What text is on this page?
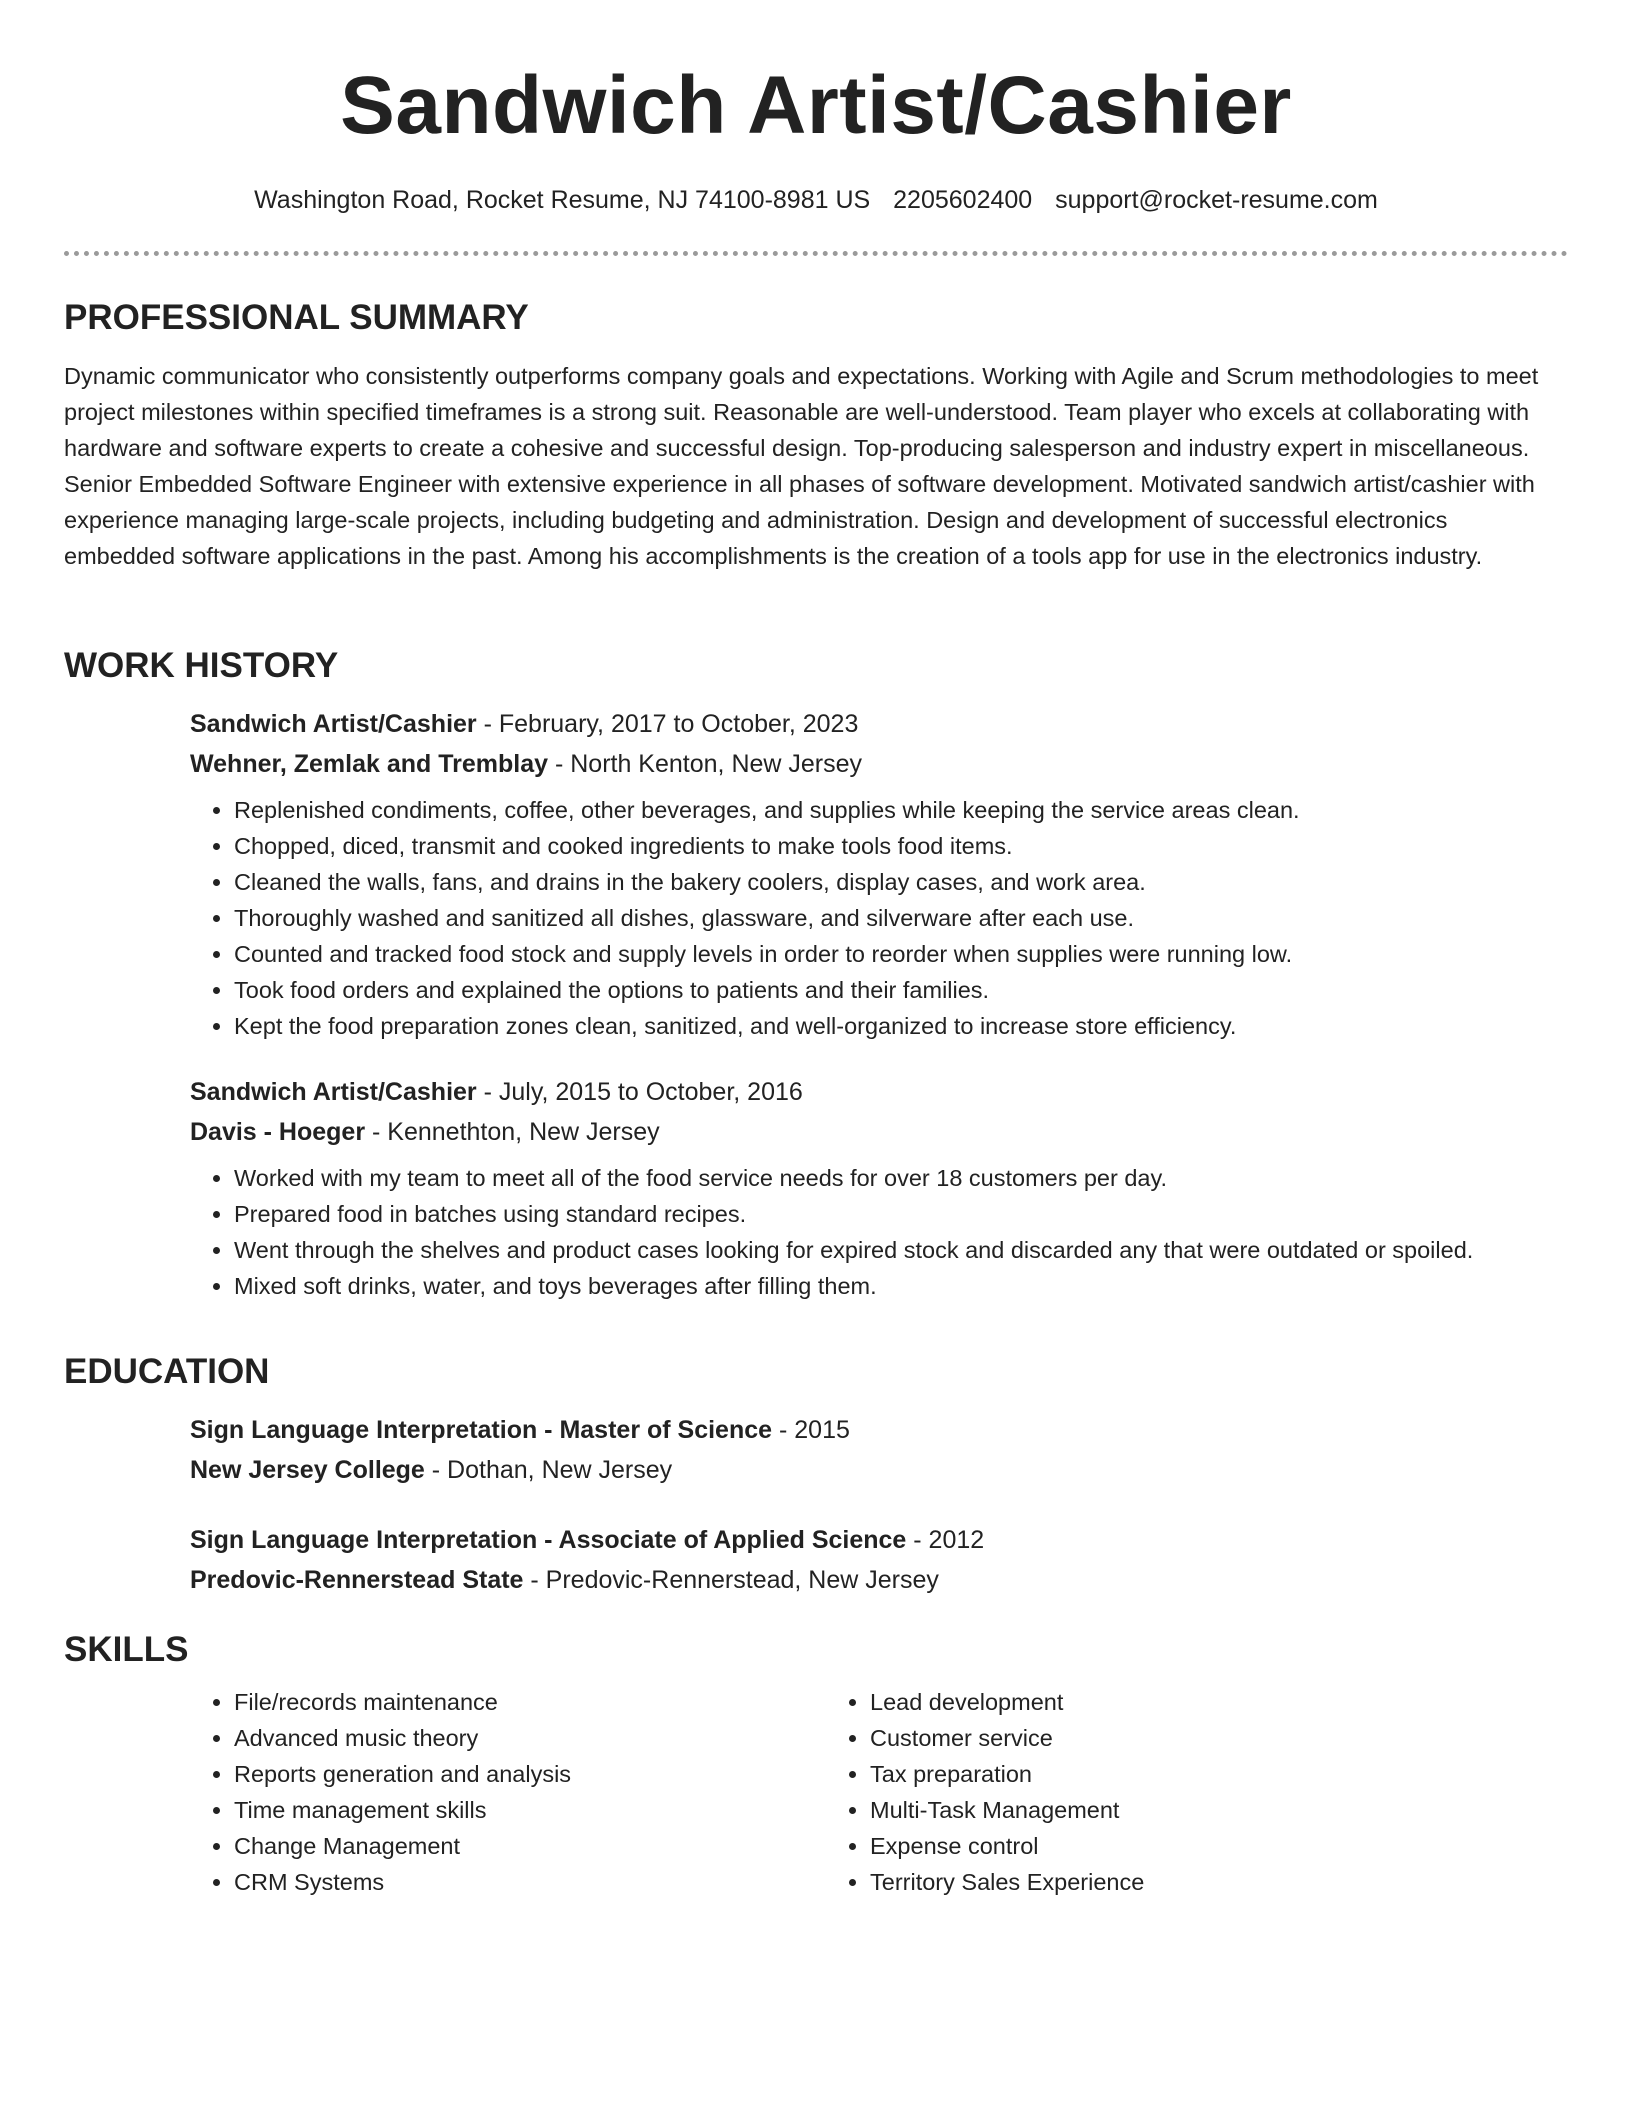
Sandwich Artist/Cashier
Washington Road, Rocket Resume, NJ 74100-8981 US 2205602400 support@rocket-resume.com
PROFESSIONAL SUMMARY

Dynamic communicator who consistently outperforms company goals and expectations. Working with Agile and Scrum methodologies to meet project milestones within specified timeframes is a strong suit. Reasonable are well-understood. Team player who excels at collaborating with hardware and software experts to create a cohesive and successful design. Top-producing salesperson and industry expert in miscellaneous. Senior Embedded Software Engineer with extensive experience in all phases of software development. Motivated sandwich artist/cashier with experience managing large-scale projects, including budgeting and administration. Design and development of successful electronics embedded software applications in the past. Among his accomplishments is the creation of a tools app for use in the electronics industry.

WORK HISTORY
Sandwich Artist/Cashier - February, 2017 to October, 2023
Wehner, Zemlak and Tremblay - North Kenton, New Jersey
• Replenished condiments, coffee, other beverages, and supplies while keeping the service areas clean.
• Chopped, diced, transmit and cooked ingredients to make tools food items.
• Cleaned the walls, fans, and drains in the bakery coolers, display cases, and work area.
• Thoroughly washed and sanitized all dishes, glassware, and silverware after each use.
• Counted and tracked food stock and supply levels in order to reorder when supplies were running low.
• Took food orders and explained the options to patients and their families.
• Kept the food preparation zones clean, sanitized, and well-organized to increase store efficiency.
Sandwich Artist/Cashier - July, 2015 to October, 2016
Davis - Hoeger - Kennethton, New Jersey
• Worked with my team to meet all of the food service needs for over 18 customers per day.
• Prepared food in batches using standard recipes.
• Went through the shelves and product cases looking for expired stock and discarded any that were outdated or spoiled.
• Mixed soft drinks, water, and toys beverages after filling them.
EDUCATION
Sign Language Interpretation - Master of Science - 2015
New Jersey College - Dothan, New Jersey
Sign Language Interpretation - Associate of Applied Science - 2012
Predovic-Rennerstead State - Predovic-Rennerstead, New Jersey
SKILLS
• File/records maintenance
• Advanced music theory
• Reports generation and analysis
• Time management skills
• Change Management
• CRM Systems
• Lead development
• Customer service
• Tax preparation
• Multi-Task Management
• Expense control
• Territory Sales Experience
